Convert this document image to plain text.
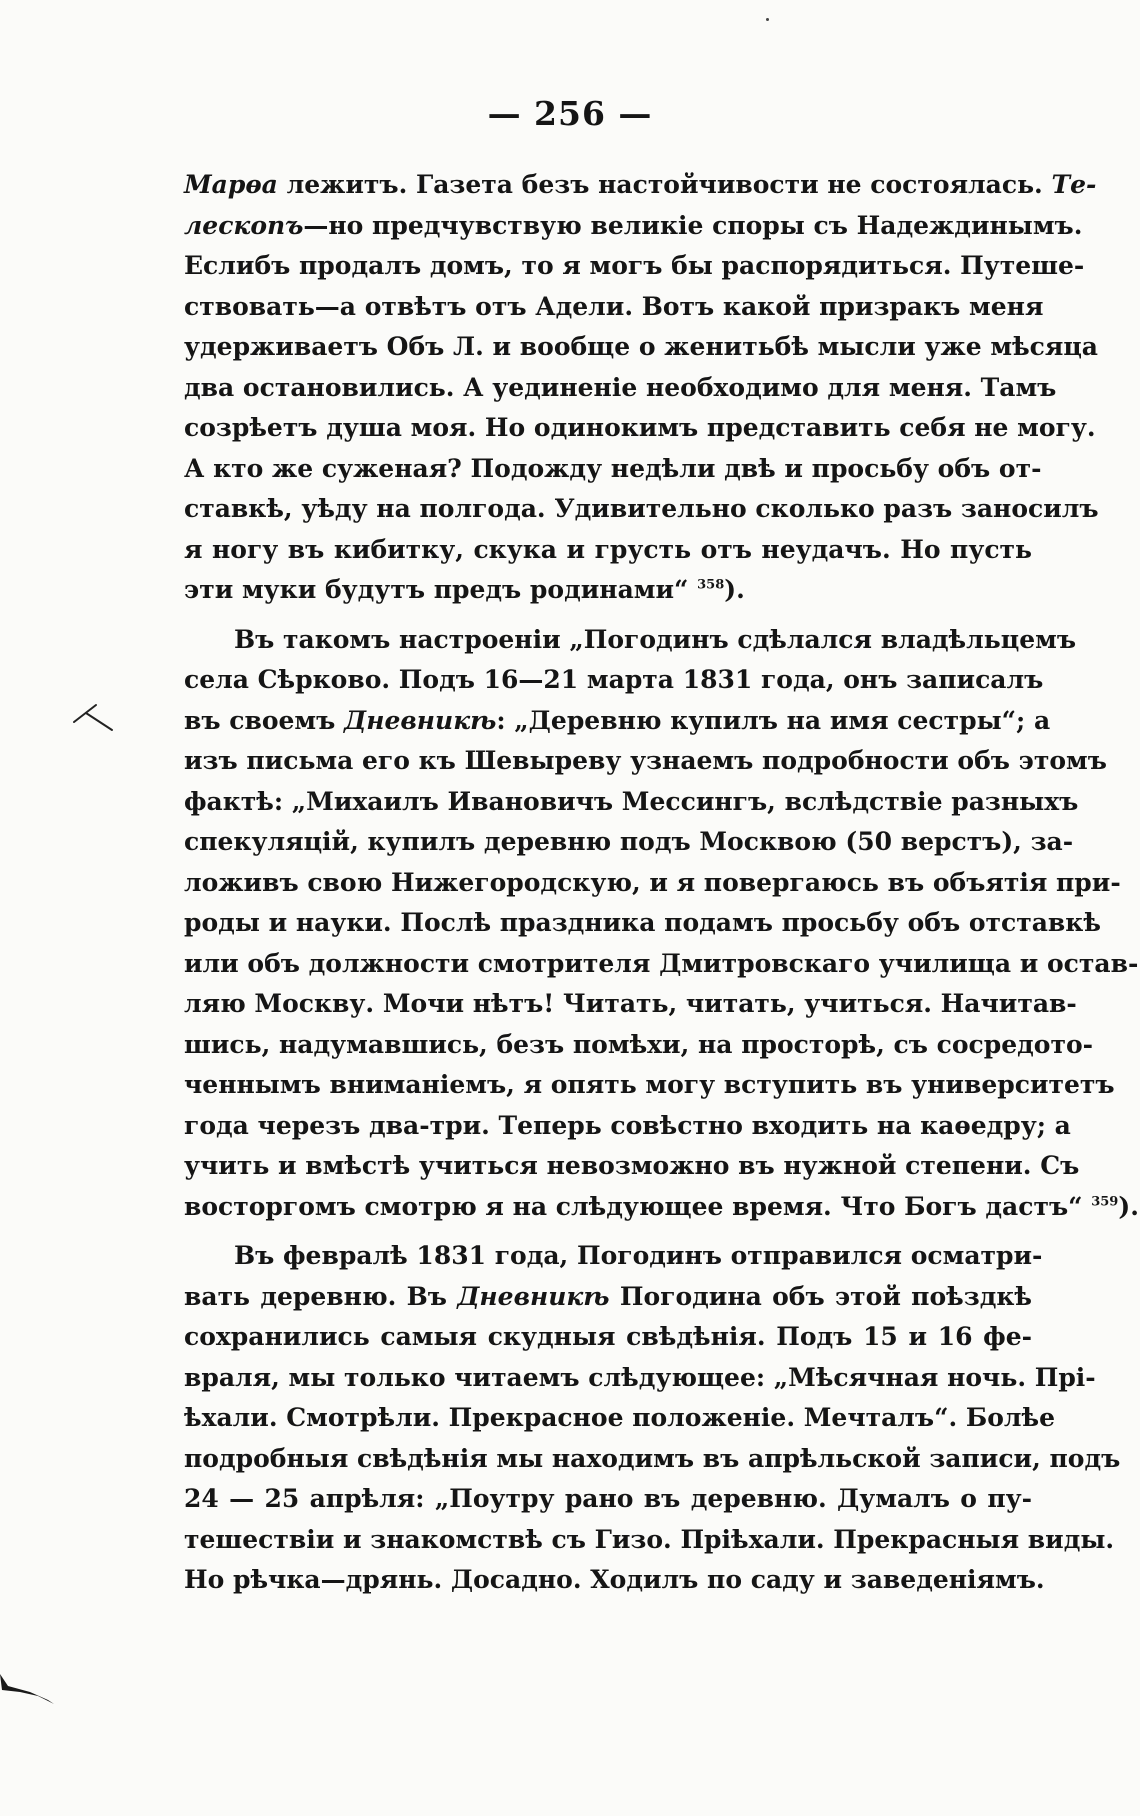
— 256 —
Марѳа лежитъ. Газета безъ настойчивости не состоялась. Те-
лескопъ—но предчувствую великiе споры съ Надеждинымъ.
Еслибъ продалъ домъ, то я могъ бы распорядиться. Путеше-
ствовать—а отвѣтъ отъ Адели. Вотъ какой призракъ меня
удерживаетъ Объ Л. и вообще о женитьбѣ мысли уже мѣсяца
два остановились. А уединенiе необходимо для меня. Тамъ
созрѣетъ душа моя. Но одинокимъ представить себя не могу.
А кто же суженая? Подожду недѣли двѣ и просьбу объ от-
ставкѣ, уѣду на полгода. Удивительно сколько разъ заносилъ
я ногу въ кибитку, скука и грусть отъ неудачъ. Но пусть
эти муки будутъ предъ родинами“ $^{358}$).
Въ такомъ настроенiи „Погодинъ сдѣлался владѣльцемъ
села Сѣрково. Подъ 16—21 марта 1831 года, онъ записалъ
въ своемъ Дневникѣ: „Деревню купилъ на имя сестры“; а
изъ письма его къ Шевыреву узнаемъ подробности объ этомъ
фактѣ: „Михаилъ Ивановичъ Мессингъ, вслѣдствiе разныхъ
спекуляцiй, купилъ деревню подъ Москвою (50 верстъ), за-
ложивъ свою Нижегородскую, и я повергаюсь въ объятiя при-
роды и науки. Послѣ праздника подамъ просьбу объ отставкѣ
или объ должности смотрителя Дмитровскаго училища и остав-
ляю Москву. Мочи нѣтъ! Читать, читать, учиться. Начитав-
шись, надумавшись, безъ помѣхи, на просторѣ, съ сосредото-
ченнымъ вниманiемъ, я опять могу вступить въ университетъ
года черезъ два-три. Теперь совѣстно входить на каѳедру; а
учить и вмѣстѣ учиться невозможно въ нужной степени. Съ
восторгомъ смотрю я на слѣдующее время. Что Богъ дастъ“ $^{359}$).
Въ февралѣ 1831 года, Погодинъ отправился осматри-
вать деревню. Въ Дневникѣ Погодина объ этой поѣздкѣ
сохранились самыя скудныя свѣдѣнiя. Подъ 15 и 16 фе-
враля, мы только читаемъ слѣдующее: „Мѣсячная ночь. Прi-
ѣхали. Смотрѣли. Прекрасное положенiе. Мечталъ“. Болѣе
подробныя свѣдѣнiя мы находимъ въ апрѣльской записи, подъ
24 — 25 апрѣля: „Поутру рано въ деревню. Думалъ о пу-
тешествiи и знакомствѣ съ Гизо. Прiѣхали. Прекрасныя виды.
Но рѣчка—дрянь. Досадно. Ходилъ по саду и заведенiямъ.
